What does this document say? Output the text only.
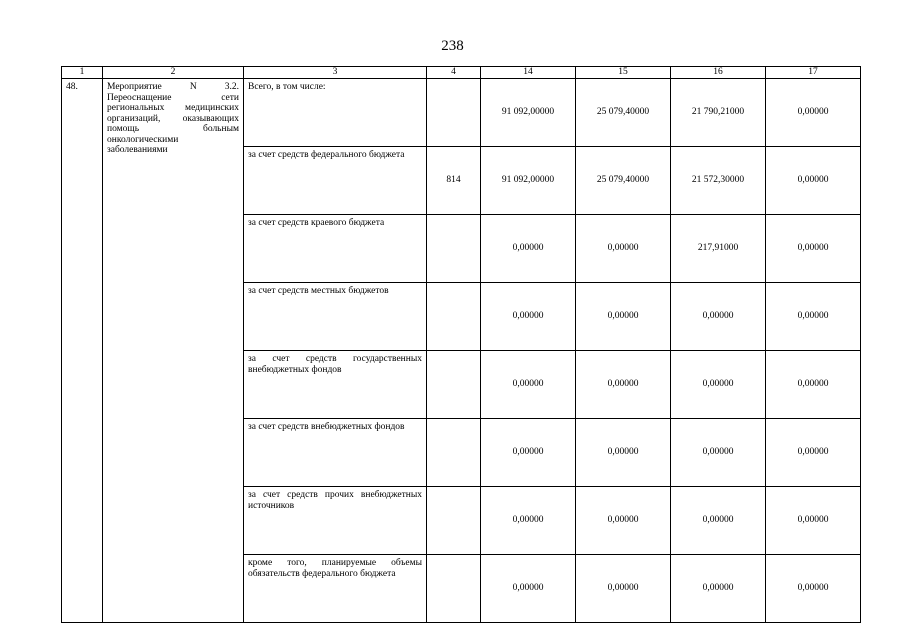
238
1	2	3	4	14	15	16	17
48.	Мероприятие N 3.2. Переоснащение сети региональных медицинских организаций, оказывающих помощь больным онкологическими заболеваниями	Всего, в том числе:		91 092,00000	25 079,40000	21 790,21000	0,00000
		за счет средств федерального бюджета	814	91 092,00000	25 079,40000	21 572,30000	0,00000
		за счет средств краевого бюджета		0,00000	0,00000	217,91000	0,00000
		за счет средств местных бюджетов		0,00000	0,00000	0,00000	0,00000
		за счет средств государственных внебюджетных фондов		0,00000	0,00000	0,00000	0,00000
		за счет средств внебюджетных фондов		0,00000	0,00000	0,00000	0,00000
		за счет средств прочих внебюджетных источников		0,00000	0,00000	0,00000	0,00000
		кроме того, планируемые объемы обязательств федерального бюджета		0,00000	0,00000	0,00000	0,00000
